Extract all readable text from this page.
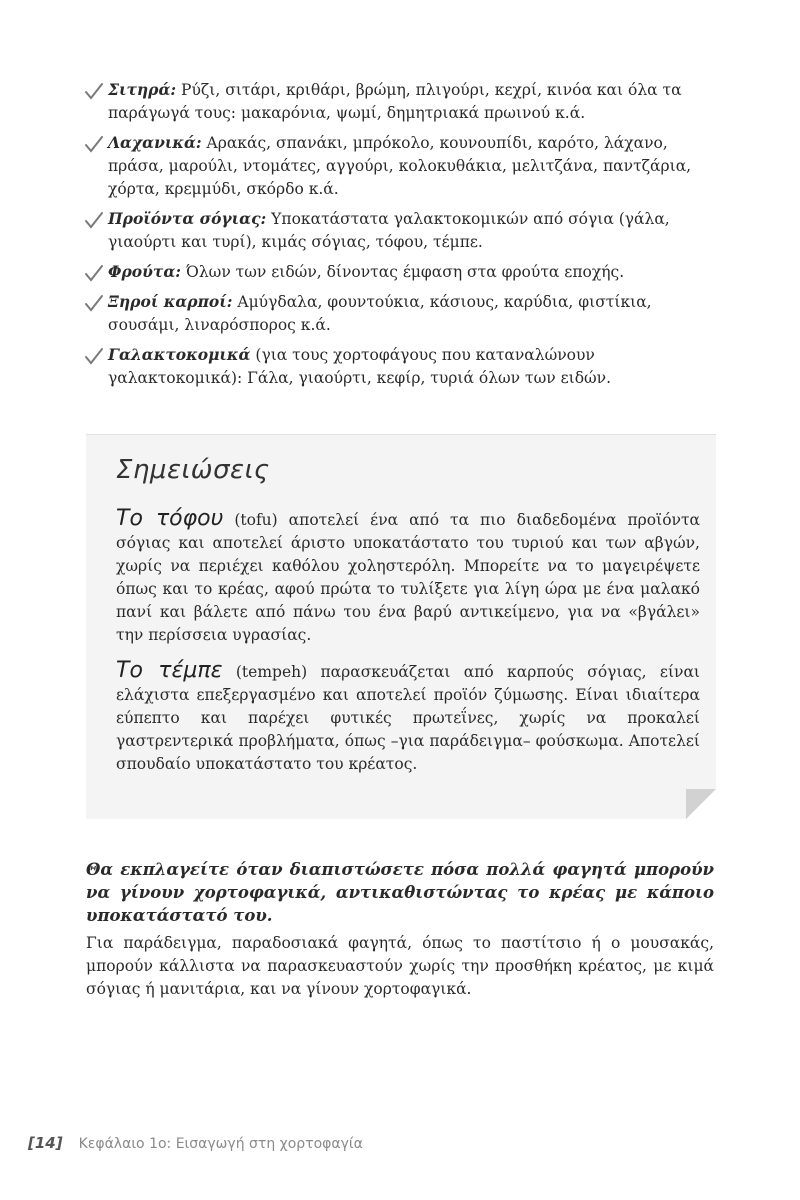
Σιτηρά: Ρύζι, σιτάρι, κριθάρι, βρώμη, πλιγούρι, κεχρί, κινόα και όλα τα παράγωγά τους: μακαρόνια, ψωμί, δημητριακά πρωινού κ.ά.
Λαχανικά: Αρακάς, σπανάκι, μπρόκολο, κουνουπίδι, καρότο, λάχανο, πράσα, μαρούλι, ντομάτες, αγγούρι, κολοκυθάκια, μελιτζάνα, παντζάρια, χόρτα, κρεμμύδι, σκόρδο κ.ά.
Προϊόντα σόγιας: Υποκατάστατα γαλακτοκομικών από σόγια (γάλα, γιαούρτι και τυρί), κιμάς σόγιας, τόφου, τέμπε.
Φρούτα: Όλων των ειδών, δίνοντας έμφαση στα φρούτα εποχής.
Ξηροί καρποί: Αμύγδαλα, φουντούκια, κάσιους, καρύδια, φιστίκια, σουσάμι, λιναρόσπορος κ.ά.
Γαλακτοκομικά (για τους χορτοφάγους που καταναλώνουν γαλακτοκομικά): Γάλα, γιαούρτι, κεφίρ, τυριά όλων των ειδών.
Σημειώσεις
Το τόφου (tofu) αποτελεί ένα από τα πιο διαδεδομένα προϊόντα σόγιας και αποτελεί άριστο υποκατάστατο του τυριού και των αβγών, χωρίς να περιέχει καθόλου χοληστερόλη. Μπορείτε να το μαγειρέψετε όπως και το κρέας, αφού πρώτα το τυλίξετε για λίγη ώρα με ένα μαλακό πανί και βάλετε από πάνω του ένα βαρύ αντικείμενο, για να «βγάλει» την περίσσεια υγρασίας.
Το τέμπε (tempeh) παρασκευάζεται από καρπούς σόγιας, είναι ελάχιστα επεξεργασμένο και αποτελεί προϊόν ζύμωσης. Είναι ιδιαίτερα εύπεπτο και παρέχει φυτικές πρωτεΐνες, χωρίς να προκαλεί γαστρεντερικά προβλήματα, όπως –για παράδειγμα– φούσκωμα. Αποτελεί σπουδαίο υποκατάστατο του κρέατος.
Θα εκπλαγείτε όταν διαπιστώσετε πόσα πολλά φαγητά μπορούν να γίνουν χορτοφαγικά, αντικαθιστώντας το κρέας με κάποιο υποκατάστατό του.
Για παράδειγμα, παραδοσιακά φαγητά, όπως το παστίτσιο ή ο μουσακάς, μπορούν κάλλιστα να παρασκευαστούν χωρίς την προσθήκη κρέατος, με κιμά σόγιας ή μανιτάρια, και να γίνουν χορτοφαγικά.
[14] Κεφάλαιο 1ο: Εισαγωγή στη χορτοφαγία
